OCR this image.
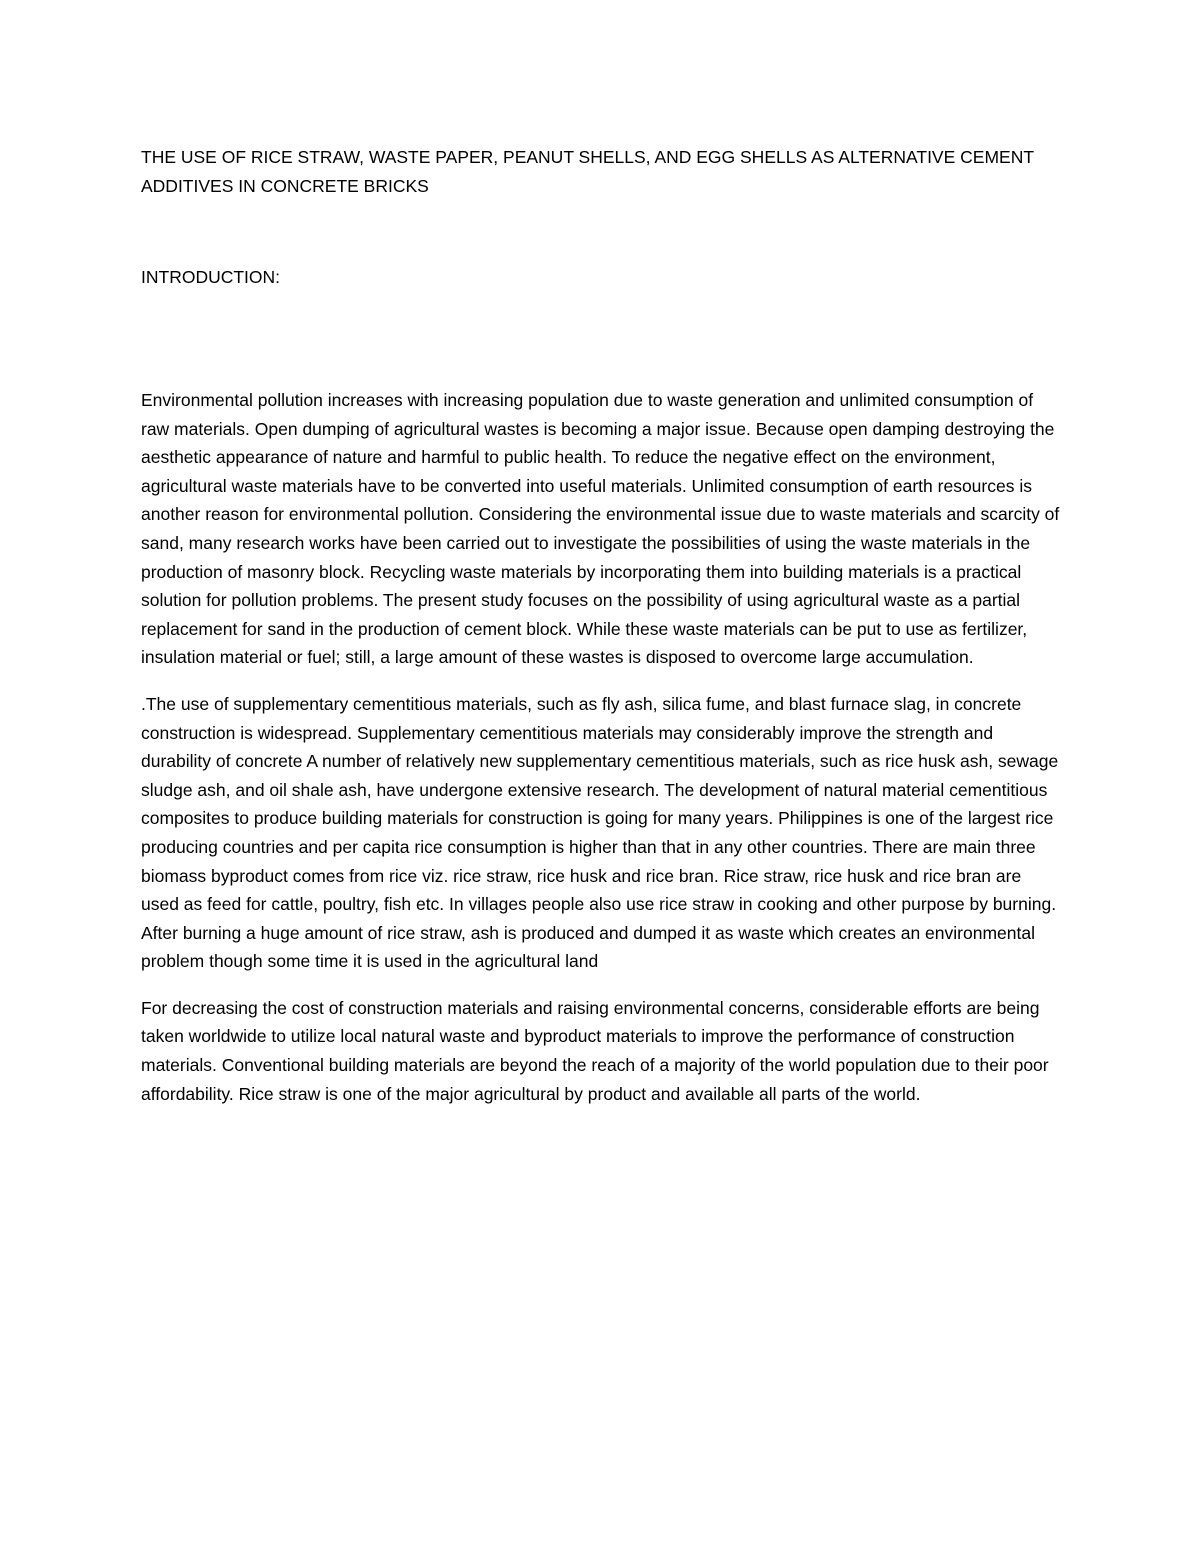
THE USE OF RICE STRAW, WASTE PAPER, PEANUT SHELLS, AND EGG SHELLS AS ALTERNATIVE CEMENT ADDITIVES IN CONCRETE BRICKS
INTRODUCTION:

Environmental pollution increases with increasing population due to waste generation and unlimited consumption of raw materials. Open dumping of agricultural wastes is becoming a major issue. Because open damping destroying the aesthetic appearance of nature and harmful to public health. To reduce the negative effect on the environment, agricultural waste materials have to be converted into useful materials. Unlimited consumption of earth resources is another reason for environmental pollution. Considering the environmental issue due to waste materials and scarcity of sand, many research works have been carried out to investigate the possibilities of using the waste materials in the production of masonry block. Recycling waste materials by incorporating them into building materials is a practical solution for pollution problems. The present study focuses on the possibility of using agricultural waste as a partial replacement for sand in the production of cement block. While these waste materials can be put to use as fertilizer, insulation material or fuel; still, a large amount of these wastes is disposed to overcome large accumulation.

.The use of supplementary cementitious materials, such as fly ash, silica fume, and blast furnace slag, in concrete construction is widespread. Supplementary cementitious materials may considerably improve the strength and durability of concrete A number of relatively new supplementary cementitious materials, such as rice husk ash, sewage sludge ash, and oil shale ash, have undergone extensive research. The development of natural material cementitious composites to produce building materials for construction is going for many years. Philippines is one of the largest rice producing countries and per capita rice consumption is higher than that in any other countries. There are main three biomass byproduct comes from rice viz. rice straw, rice husk and rice bran. Rice straw, rice husk and rice bran are used as feed for cattle, poultry, fish etc. In villages people also use rice straw in cooking and other purpose by burning. After burning a huge amount of rice straw, ash is produced and dumped it as waste which creates an environmental problem though some time it is used in the agricultural land

For decreasing the cost of construction materials and raising environmental concerns, considerable efforts are being taken worldwide to utilize local natural waste and byproduct materials to improve the performance of construction materials. Conventional building materials are beyond the reach of a majority of the world population due to their poor affordability. Rice straw is one of the major agricultural by product and available all parts of the world.
